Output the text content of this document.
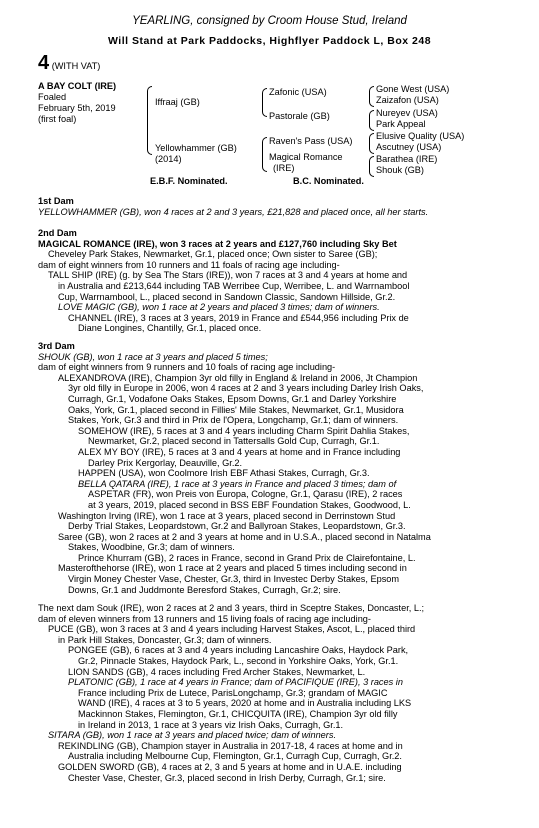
YEARLING, consigned by Croom House Stud, Ireland
Will Stand at Park Paddocks, Highflyer Paddock L, Box 248
4 (WITH VAT)
A BAY COLT (IRE)
Foaled
February 5th, 2019
(first foal)
Iffraaj (GB)
Yellowhammer (GB)
(2014)
Zafonic (USA)
Pastorale (GB)
Raven's Pass (USA)
Magical Romance
(IRE)
Gone West (USA)
Zaizafon (USA)
Nureyev (USA)
Park Appeal
Elusive Quality (USA)
Ascutney (USA)
Barathea (IRE)
Shouk (GB)
E.B.F. Nominated.	B.C. Nominated.

1st Dam

YELLOWHAMMER (GB), won 4 races at 2 and 3 years, £21,828 and placed once, all her starts.

2nd Dam

MAGICAL ROMANCE (IRE), won 3 races at 2 years and £127,760 including Sky Bet

Cheveley Park Stakes, Newmarket, Gr.1, placed once; Own sister to Saree (GB);

dam of eight winners from 10 runners and 11 foals of racing age including-

TALL SHIP (IRE) (g. by Sea The Stars (IRE)), won 7 races at 3 and 4 years at home and

in Australia and £213,644 including TAB Werribee Cup, Werribee, L. and Warrnambool

Cup, Warrnambool, L., placed second in Sandown Classic, Sandown Hillside, Gr.2.

LOVE MAGIC (GB), won 1 race at 2 years and placed 3 times; dam of winners.

CHANNEL (IRE), 3 races at 3 years, 2019 in France and £544,956 including Prix de

Diane Longines, Chantilly, Gr.1, placed once.

3rd Dam

SHOUK (GB), won 1 race at 3 years and placed 5 times;

dam of eight winners from 9 runners and 10 foals of racing age including-

ALEXANDROVA (IRE), Champion 3yr old filly in England & Ireland in 2006, Jt Champion

3yr old filly in Europe in 2006, won 4 races at 2 and 3 years including Darley Irish Oaks,

Curragh, Gr.1, Vodafone Oaks Stakes, Epsom Downs, Gr.1 and Darley Yorkshire

Oaks, York, Gr.1, placed second in Fillies' Mile Stakes, Newmarket, Gr.1, Musidora

Stakes, York, Gr.3 and third in Prix de l'Opera, Longchamp, Gr.1; dam of winners.

SOMEHOW (IRE), 5 races at 3 and 4 years including Charm Spirit Dahlia Stakes,

Newmarket, Gr.2, placed second in Tattersalls Gold Cup, Curragh, Gr.1.

ALEX MY BOY (IRE), 5 races at 3 and 4 years at home and in France including

Darley Prix Kergorlay, Deauville, Gr.2.

HAPPEN (USA), won Coolmore Irish EBF Athasi Stakes, Curragh, Gr.3.

BELLA QATARA (IRE), 1 race at 3 years in France and placed 3 times; dam of

ASPETAR (FR), won Preis von Europa, Cologne, Gr.1, Qarasu (IRE), 2 races

at 3 years, 2019, placed second in BSS EBF Foundation Stakes, Goodwood, L.

Washington Irving (IRE), won 1 race at 3 years, placed second in Derrinstown Stud

Derby Trial Stakes, Leopardstown, Gr.2 and Ballyroan Stakes, Leopardstown, Gr.3.

Saree (GB), won 2 races at 2 and 3 years at home and in U.S.A., placed second in Natalma

Stakes, Woodbine, Gr.3; dam of winners.

Prince Khurram (GB), 2 races in France, second in Grand Prix de Clairefontaine, L.

Masterofthehorse (IRE), won 1 race at 2 years and placed 5 times including second in

Virgin Money Chester Vase, Chester, Gr.3, third in Investec Derby Stakes, Epsom

Downs, Gr.1 and Juddmonte Beresford Stakes, Curragh, Gr.2; sire.

The next dam Souk (IRE), won 2 races at 2 and 3 years, third in Sceptre Stakes, Doncaster, L.;

dam of eleven winners from 13 runners and 15 living foals of racing age including-

PUCE (GB), won 3 races at 3 and 4 years including Harvest Stakes, Ascot, L., placed third

in Park Hill Stakes, Doncaster, Gr.3; dam of winners.

PONGEE (GB), 6 races at 3 and 4 years including Lancashire Oaks, Haydock Park,

Gr.2, Pinnacle Stakes, Haydock Park, L., second in Yorkshire Oaks, York, Gr.1.

LION SANDS (GB), 4 races including Fred Archer Stakes, Newmarket, L.

PLATONIC (GB), 1 race at 4 years in France; dam of PACIFIQUE (IRE), 3 races in

France including Prix de Lutece, ParisLongchamp, Gr.3; grandam of MAGIC

WAND (IRE), 4 races at 3 to 5 years, 2020 at home and in Australia including LKS

Mackinnon Stakes, Flemington, Gr.1, CHICQUITA (IRE), Champion 3yr old filly

in Ireland in 2013, 1 race at 3 years viz Irish Oaks, Curragh, Gr.1.

SITARA (GB), won 1 race at 3 years and placed twice; dam of winners.

REKINDLING (GB), Champion stayer in Australia in 2017-18, 4 races at home and in

Australia including Melbourne Cup, Flemington, Gr.1, Curragh Cup, Curragh, Gr.2.

GOLDEN SWORD (GB), 4 races at 2, 3 and 5 years at home and in U.A.E. including

Chester Vase, Chester, Gr.3, placed second in Irish Derby, Curragh, Gr.1; sire.
